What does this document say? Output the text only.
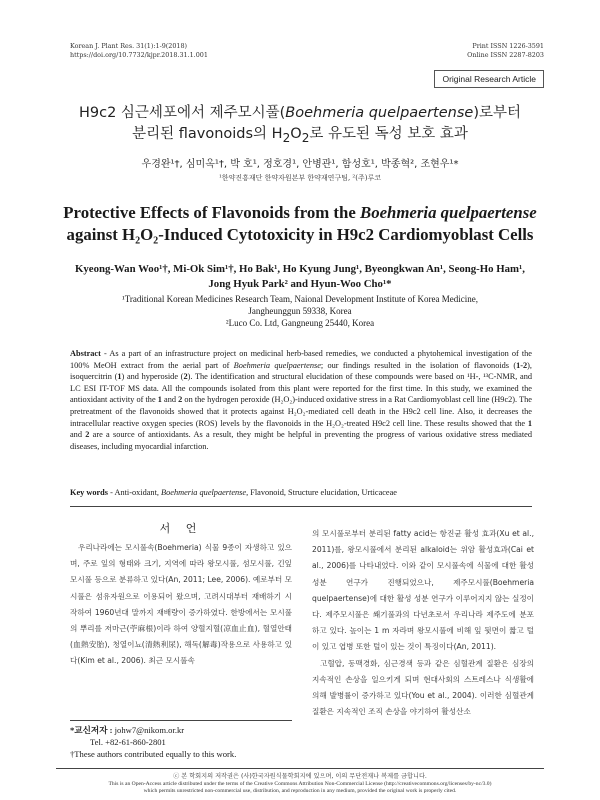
Korean J. Plant Res. 31(1):1-9(2018)
https://doi.org/10.7732/kjpr.2018.31.1.001
Print ISSN 1226-3591
Online ISSN 2287-8203
Original Research Article
H9c2 심근세포에서 제주모시풀(Boehmeria quelpaertense)로부터
분리된 flavonoids의 $H_2O_2$로 유도된 독성 보호 효과
우경완¹†, 심미옥¹†, 박 호¹, 정호경¹, 안병관¹, 함성호¹, 박종혁², 조현우¹*
¹한약진흥재단 한약자원본부 한약재연구팀, ²(주)루코
Protective Effects of Flavonoids from the Boehmeria quelpaertense
against H₂O₂-Induced Cytotoxicity in H9c2 Cardiomyoblast Cells
Kyeong-Wan Woo¹†, Mi-Ok Sim¹†, Ho Bak¹, Ho Kyung Jung¹, Byeongkwan An¹, Seong-Ho Ham¹,
Jong Hyuk Park² and Hyun-Woo Cho¹*
¹Traditional Korean Medicines Research Team, Naional Development Institute of Korea Medicine,
Jangheunggun 59338, Korea
²Luco Co. Ltd, Gangneung 25440, Korea
Abstract - As a part of an infrastructure project on medicinal herb-based remedies, we conducted a phytohemical investigation of the 100% MeOH extract from the aerial part of Boehmeria quelpaertense; our findings resulted in the isolation of flavonoids (1-2), isoquercitrin (1) and hyperoside (2). The identification and structural elucidation of these compounds were based on ¹H-, ¹³C-NMR, and LC ESI IT-TOF MS data. All the compounds isolated from this plant were reported for the first time. In this study, we examined the antioxidant activity of the 1 and 2 on the hydrogen peroxide (H₂O₂)-induced oxidative stress in a Rat Cardiomyoblast cell line (H9c2). The pretreatment of the flavonoids showed that it protects against H₂O₂-mediated cell death in the H9c2 cell line. Also, it decreases the intracellular reactive oxygen species (ROS) levels by the flavonoids in the H₂O₂-treated H9c2 cell line. These results showed that the 1 and 2 are a source of antioxidants. As a result, they might be helpful in preventing the progress of various oxidative stress mediated diseases, including myocardial infarction.
Key words - Anti-oxidant, Boehmeria quelpaertense, Flavonoid, Structure elucidation, Urticaceae
서 언

우리나라에는 모시풀속(Boehmeria) 식물 9종이 자생하고 있으며, 주로 잎의 형태와 크기, 지역에 따라 왕모시풀, 섬모시풀, 긴잎모시풀 등으로 분류하고 있다(An, 2011; Lee, 2006). 예로부터 모시풀은 섬유자원으로 이용되어 왔으며, 고려시대부터 재배하기 시작하여 1960년대 말까지 재배량이 증가하였다. 한방에서는 모시풀의 뿌리를 저마근(苧麻根)이라 하여 양혈지혈(凉血止血), 혈열안태(血熱安胎), 청열이뇨(清熱利尿), 해독(解毒)작용으로 사용하고 있다(Kim et al., 2006). 최근 모시풀속

의 모시풀로부터 분리된 fatty acid는 항진균 활성 효과(Xu et al., 2011)를, 왕모시풀에서 분리된 alkaloid는 위암 활성효과(Cai et al., 2006)를 나타내었다. 이와 같이 모시풀속에 식물에 대한 활성성분 연구가 진행되었으나, 제주모시풀(Boehmeria quelpaertense)에 대한 활성 성분 연구가 이루어지지 않는 실정이다. 제주모시풀은 쐐기풀과의 다년초로서 우리나라 제주도에 분포하고 있다. 높이는 1 m 자라며 왕모시풀에 비해 잎 뒷면이 짧고 털이 있고 엽병 또한 털이 있는 것이 특징이다(An, 2011).

고혈압, 동맥경화, 심근경색 등과 같은 심혈관계 질환은 심장의 지속적인 손상을 일으키게 되며 현대사회의 스트레스나 식생활에 의해 발병률이 증가하고 있다(You et al., 2004). 이러한 심혈관계 질환은 지속적인 조직 손상을 야기하여 활성산소

*교신저자 : johw7@nikom.or.kr
Tel. +82-61-860-2801
†These authors contributed equally to this work.
ⓒ 본 학회지의 저작권은 (사)한국자원식물학회지에 있으며, 이의 무단전재나 복제를 금합니다.
This is an Open-Access article distributed under the terms of the Creative Commons Attribution Non-Commercial License (http://creativecommons.org/licenses/by-nc/3.0)
which permits unrestricted non-commercial use, distribution, and reproduction in any medium, provided the original work is properly cited.
